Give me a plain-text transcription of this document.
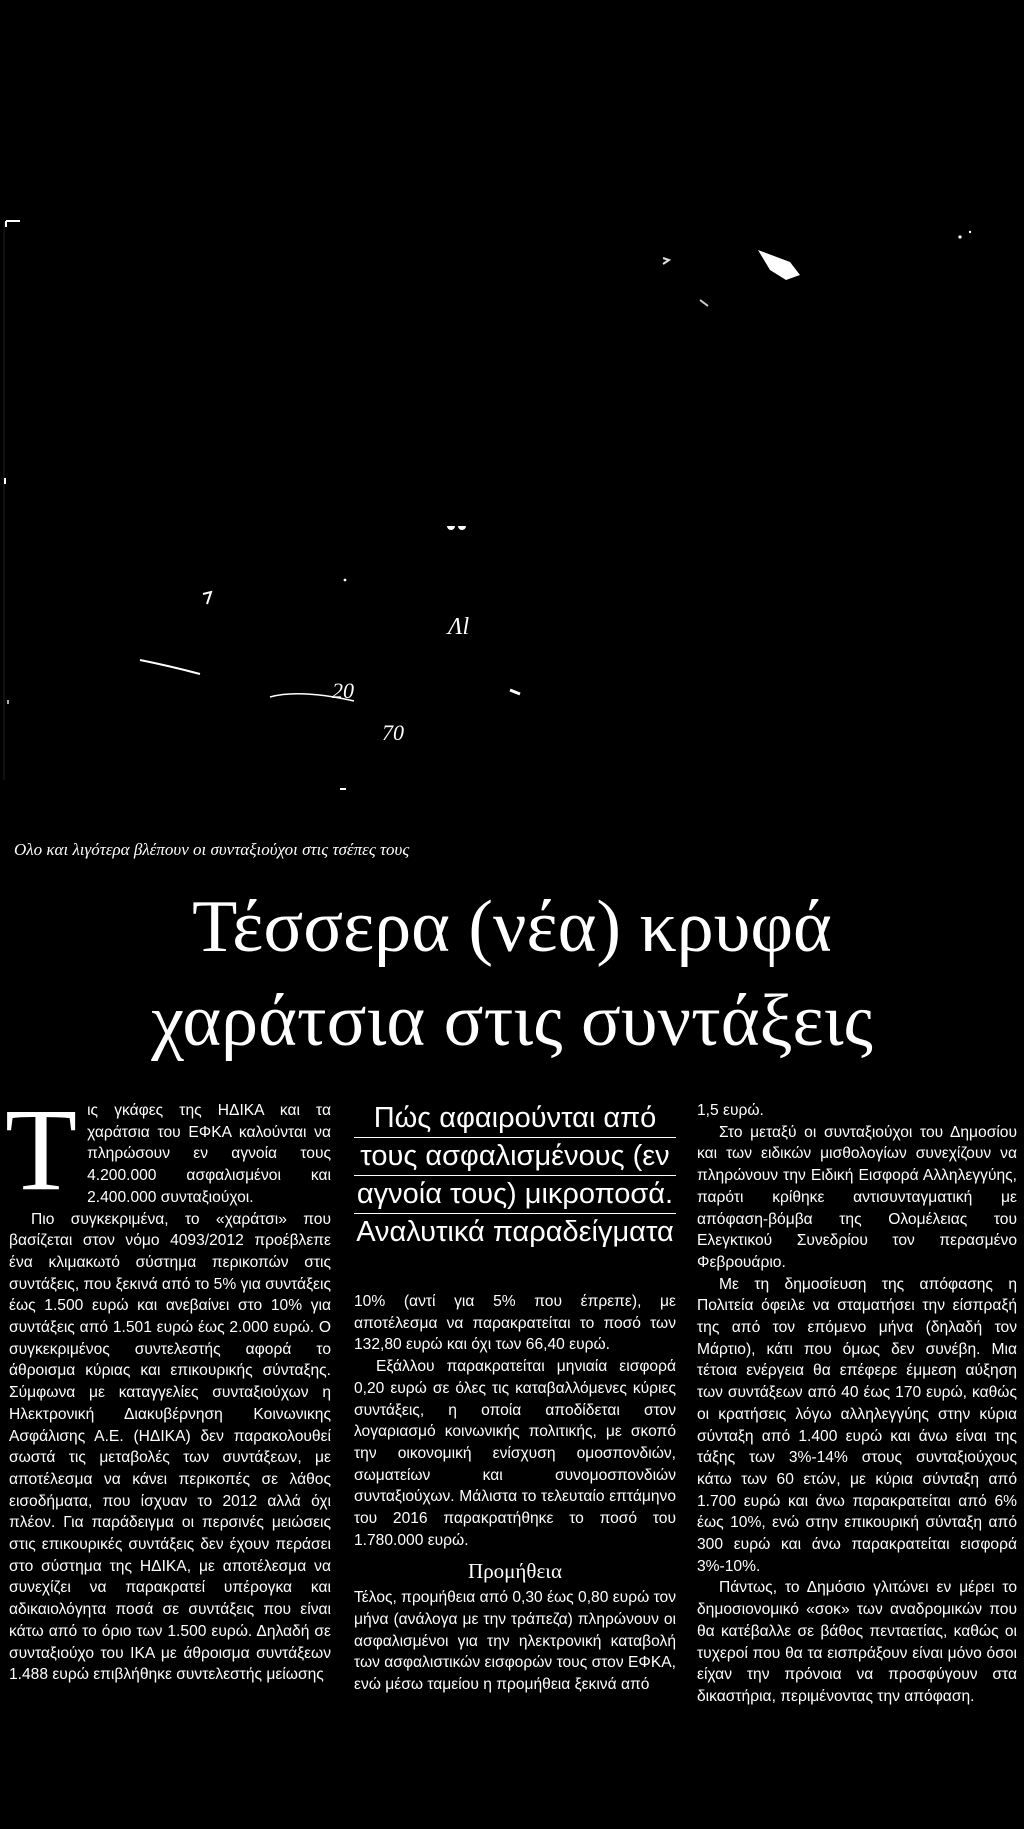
Λl
20
70
Ολο και λιγότερα βλέπουν οι συνταξιούχοι στις τσέπες τους
Τέσσερα (νέα) κρυφά
χαράτσια στις συντάξεις

Τ ις γκάφες της ΗΔΙΚΑ και τα χαράτσια του ΕΦΚΑ καλούνται να πληρώσουν εν αγνοία τους 4.200.000 ασφαλισμένοι και 2.400.000 συνταξιούχοι.

Πιο συγκεκριμένα, το «χαράτσι» που βασίζεται στον νόμο 4093/2012 προέβλεπε ένα κλιμακωτό σύστημα περικοπών στις συντάξεις, που ξεκινά από το 5% για συντάξεις έως 1.500 ευρώ και ανεβαίνει στο 10% για συντάξεις από 1.501 ευρώ έως 2.000 ευρώ. Ο συγκεκριμένος συντελεστής αφορά το άθροισμα κύριας και επικουρικής σύνταξης. Σύμφωνα με καταγγελίες συνταξιούχων η Ηλεκτρονική Διακυβέρνηση Κοινωνικης Ασφάλισης Α.Ε. (ΗΔΙΚΑ) δεν παρακολουθεί σωστά τις μεταβολές των συντάξεων, με αποτέλεσμα να κάνει περικοπές σε λάθος εισοδήματα, που ίσχυαν το 2012 αλλά όχι πλέον. Για παράδειγμα οι περσινές μειώσεις στις επικουρικές συντάξεις δεν έχουν περάσει στο σύστημα της ΗΔΙΚΑ, με αποτέλεσμα να συνεχίζει να παρακρατεί υπέρογκα και αδικαιολόγητα ποσά σε συντάξεις που είναι κάτω από το όριο των 1.500 ευρώ. Δηλαδή σε συνταξιούχο του ΙΚΑ με άθροισμα συντάξεων 1.488 ευρώ επιβλήθηκε συντελεστής μείωσης

Πώς αφαιρούνται από
τους ασφαλισμένους (εν
αγνοία τους) μικροποσά.
Αναλυτικά παραδείγματα

10% (αντί για 5% που έπρεπε), με αποτέλεσμα να παρακρατείται το ποσό των 132,80 ευρώ και όχι των 66,40 ευρώ.

Εξάλλου παρακρατείται μηνιαία εισφορά 0,20 ευρώ σε όλες τις καταβαλλόμενες κύριες συντάξεις, η οποία αποδίδεται στον λογαριασμό κοινωνικής πολιτικής, με σκοπό την οικονομική ενίσχυση ομοσπονδιών, σωματείων και συνομοσπονδιών συνταξιούχων. Μάλιστα το τελευταίο επτάμηνο του 2016 παρακρατήθηκε το ποσό του 1.780.000 ευρώ.

Προμήθεια

Τέλος, προμήθεια από 0,30 έως 0,80 ευρώ τον μήνα (ανάλογα με την τράπεζα) πληρώνουν οι ασφαλισμένοι για την ηλεκτρονική καταβολή των ασφαλιστικών εισφορών τους στον ΕΦΚΑ, ενώ μέσω ταμείου η προμήθεια ξεκινά από

1,5 ευρώ.

Στο μεταξύ οι συνταξιούχοι του Δημοσίου και των ειδικών μισθολογίων συνεχίζουν να πληρώνουν την Ειδική Εισφορά Αλληλεγγύης, παρότι κρίθηκε αντισυνταγματική με απόφαση-βόμβα της Ολομέλειας του Ελεγκτικού Συνεδρίου τον περασμένο Φεβρουάριο.

Με τη δημοσίευση της απόφασης η Πολιτεία όφειλε να σταματήσει την είσπραξή της από τον επόμενο μήνα (δηλαδή τον Μάρτιο), κάτι που όμως δεν συνέβη. Μια τέτοια ενέργεια θα επέφερε έμμεση αύξηση των συντάξεων από 40 έως 170 ευρώ, καθώς οι κρατήσεις λόγω αλληλεγγύης στην κύρια σύνταξη από 1.400 ευρώ και άνω είναι της τάξης των 3%-14% στους συνταξιούχους κάτω των 60 ετών, με κύρια σύνταξη από 1.700 ευρώ και άνω παρακρατείται από 6% έως 10%, ενώ στην επικουρική σύνταξη από 300 ευρώ και άνω παρακρατείται εισφορά 3%-10%.

Πάντως, το Δημόσιο γλιτώνει εν μέρει το δημοσιονομικό «σοκ» των αναδρομικών που θα κατέβαλλε σε βάθος πενταετίας, καθώς οι τυχεροί που θα τα εισπράξουν είναι μόνο όσοι είχαν την πρόνοια να προσφύγουν στα δικαστήρια, περιμένοντας την απόφαση.
